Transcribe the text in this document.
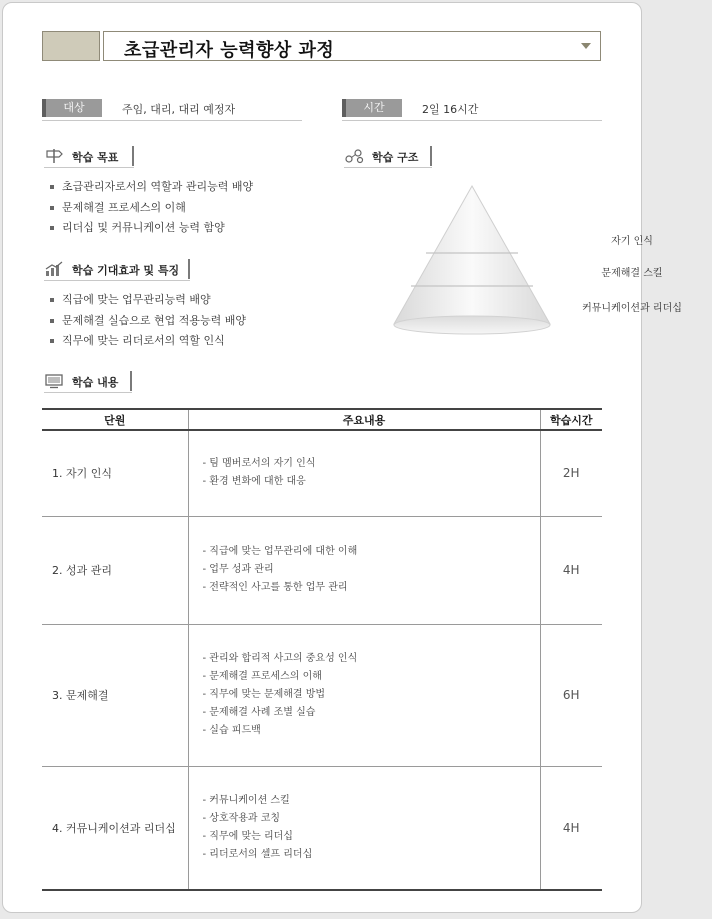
초급관리자 능력향상 과정
대상	주임, 대리, 대리 예정자	시간	2일 16시간
학습 목표
초급관리자로서의 역할과 관리능력 배양
문제해결 프로세스의 이해
리더십 및 커뮤니케이션 능력 함양
학습 기대효과 및 특징
직급에 맞는 업무관리능력 배양
문제해결 실습으로 현업 적용능력 배양
직무에 맞는 리더로서의 역할 인식
학습 구조
자기 인식
문제해결 스킬
커뮤니케이션과 리더십
학습 내용
단원	주요내용	학습시간
1. 자기 인식	- 팀 멤버로서의 자기 인식
- 환경 변화에 대한 대응	2H
2. 성과 관리	- 직급에 맞는 업무관리에 대한 이해
- 업무 성과 관리
- 전략적인 사고를 통한 업무 관리	4H
3. 문제해결	- 관리와 합리적 사고의 중요성 인식
- 문제해결 프로세스의 이해
- 직무에 맞는 문제해결 방법
- 문제해결 사례 조별 실습
- 실습 피드백	6H
4. 커뮤니케이션과 리더십	- 커뮤니케이션 스킬
- 상호작용과 코칭
- 직무에 맞는 리더십
- 리더로서의 셀프 리더십	4H
